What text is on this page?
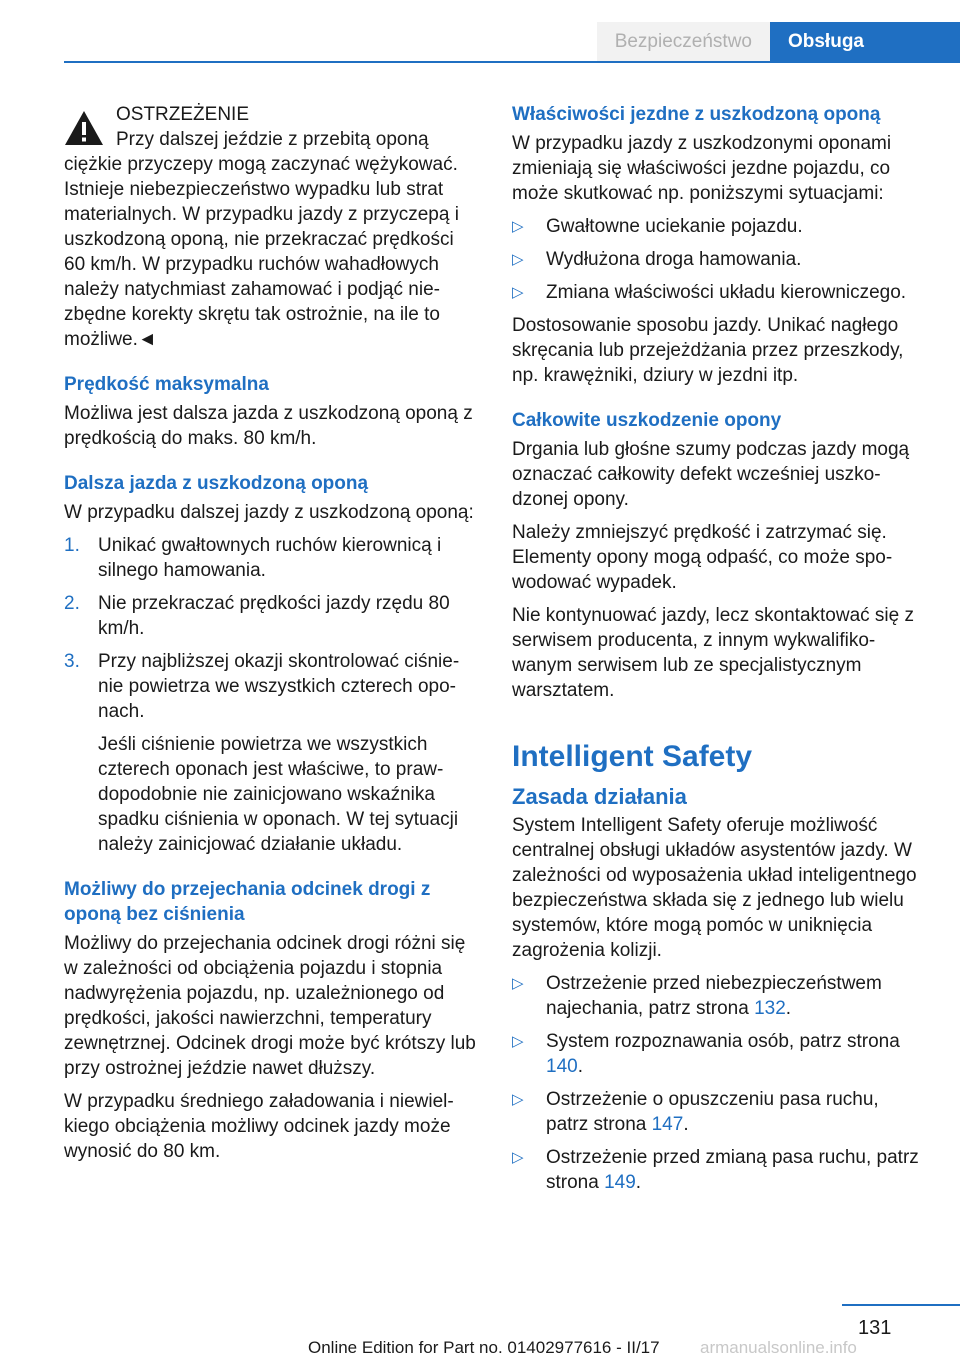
Bezpieczeństwo	Obsługa

OSTRZEŻENIE

Przy dalszej jeździe z przebitą oponą

ciężkie przyczepy mogą zaczynać wężykować. Istnieje niebezpieczeństwo wypadku lub strat materialnych. W przypadku jazdy z przyczepą i uszkodzoną oponą, nie przekraczać prędkości 60 km/h. W przypadku ruchów wahadłowych należy natychmiast zahamować i podjąć niezbędne korekty skrętu tak ostrożnie, na ile to możliwe.◄

Prędkość maksymalna

Możliwa jest dalsza jazda z uszkodzoną oponą z prędkością do maks. 80 km/h.

Dalsza jazda z uszkodzoną oponą

W przypadku dalszej jazdy z uszkodzoną oponą:

1. Unikać gwałtownych ruchów kierownicą i silnego hamowania.
2. Nie przekraczać prędkości jazdy rzędu 80 km/h.
3. Przy najbliższej okazji skontrolować ciśnienie powietrza we wszystkich czterech oponach.
Jeśli ciśnienie powietrza we wszystkich czterech oponach jest właściwe, to prawdopodobnie nie zainicjowano wskaźnika spadku ciśnienia w oponach. W tej sytuacji należy zainicjować działanie układu.
Możliwy do przejechania odcinek drogi z oponą bez ciśnienia

Możliwy do przejechania odcinek drogi różni się w zależności od obciążenia pojazdu i stopnia nadwyrężenia pojazdu, np. uzależnionego od prędkości, jakości nawierzchni, temperatury zewnętrznej. Odcinek drogi może być krótszy lub przy ostrożnej jeździe nawet dłuższy.

W przypadku średniego załadowania i niewielkiego obciążenia możliwy odcinek jazdy może wynosić do 80 km.

Właściwości jezdne z uszkodzoną oponą

W przypadku jazdy z uszkodzonymi oponami zmieniają się właściwości jezdne pojazdu, co może skutkować np. poniższymi sytuacjami:

▷ Gwałtowne uciekanie pojazdu.
▷ Wydłużona droga hamowania.
▷ Zmiana właściwości układu kierowniczego.

Dostosowanie sposobu jazdy. Unikać nagłego skręcania lub przejeżdżania przez przeszkody, np. krawężniki, dziury w jezdni itp.

Całkowite uszkodzenie opony

Drgania lub głośne szumy podczas jazdy mogą oznaczać całkowity defekt wcześniej uszkodzonej opony.

Należy zmniejszyć prędkość i zatrzymać się. Elementy opony mogą odpaść, co może spowodować wypadek.

Nie kontynuować jazdy, lecz skontaktować się z serwisem producenta, z innym wykwalifikowanym serwisem lub ze specjalistycznym warsztatem.

Intelligent Safety
Zasada działania

System Intelligent Safety oferuje możliwość centralnej obsługi układów asystentów jazdy. W zależności od wyposażenia układ inteligentnego bezpieczeństwa składa się z jednego lub wielu systemów, które mogą pomóc w uniknięcia zagrożenia kolizji.

▷ Ostrzeżenie przed niebezpieczeństwem najechania, patrz strona 132.
▷ System rozpoznawania osób, patrz strona 140.
▷ Ostrzeżenie o opuszczeniu pasa ruchu, patrz strona 147.
▷ Ostrzeżenie przed zmianą pasa ruchu, patrz strona 149.
131
Online Edition for Part no. 01402977616 - II/17 armanualsonline.info
